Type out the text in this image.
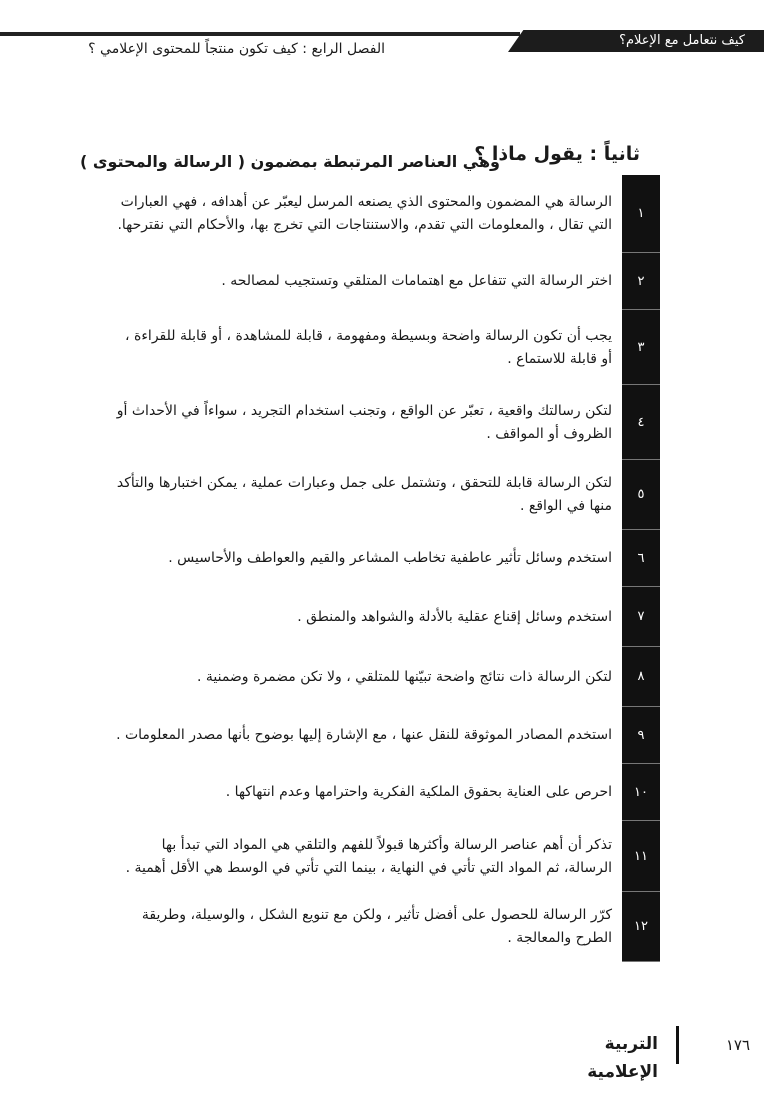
كيف نتعامل مع الإعلام؟
الفصل الرابع : كيف تكون منتجاً للمحتوى الإعلامي ؟
ثانياً : يقول ماذا ؟
وهي العناصر المرتبطة بمضمون ( الرسالة والمحتوى )
١
الرسالة هي المضمون والمحتوى الذي يصنعه المرسل ليعبّر عن أهدافه ، فهي العبارات التي تقال ، والمعلومات التي تقدم، والاستنتاجات التي تخرج بها، والأحكام التي نقترحها.
٢
اختر الرسالة التي تتفاعل مع اهتمامات المتلقي وتستجيب لمصالحه .
٣
يجب أن تكون الرسالة واضحة وبسيطة ومفهومة ، قابلة للمشاهدة ، أو قابلة للقراءة ، أو قابلة للاستماع .
٤
لتكن رسالتك واقعية ، تعبّر عن الواقع ، وتجنب استخدام التجريد ، سواءاً في الأحداث أو الظروف أو المواقف .
٥
لتكن الرسالة قابلة للتحقق ، وتشتمل على جمل وعبارات عملية ، يمكن اختبارها والتأكد منها في الواقع .
٦
استخدم وسائل تأثير عاطفية تخاطب المشاعر والقيم والعواطف والأحاسيس .
٧
استخدم وسائل إقناع عقلية بالأدلة والشواهد والمنطق .
٨
لتكن الرسالة ذات نتائج واضحة تبيّنها للمتلقي ، ولا تكن مضمرة وضمنية .
٩
استخدم المصادر الموثوقة للنقل عنها ، مع الإشارة إليها بوضوح بأنها مصدر المعلومات .
١٠
احرص على العناية بحقوق الملكية الفكرية واحترامها وعدم انتهاكها .
١١
تذكر أن أهم عناصر الرسالة وأكثرها قبولاً للفهم والتلقي هي المواد التي تبدأ بها الرسالة، ثم المواد التي تأتي في النهاية ، بينما التي تأتي في الوسط هي الأقل أهمية .
١٢
كرّر الرسالة للحصول على أفضل تأثير ، ولكن مع تنويع الشكل ، والوسيلة، وطريقة الطرح والمعالجة .
التربية الإعلامية
١٧٦
